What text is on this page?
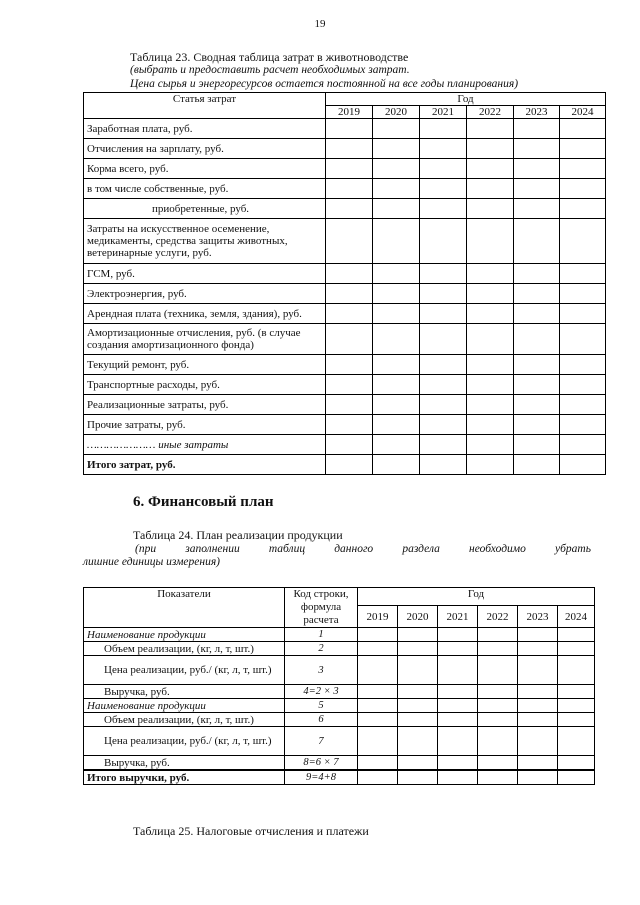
19
Таблица 23. Сводная таблица затрат в животноводстве
(выбрать и предоставить расчет необходимых затрат.
Цена сырья и энергоресурсов остается постоянной на все годы планирования)
Статья затрат	Год					
	2019	2020	2021	2022	2023	2024
Заработная плата, руб.						
Отчисления на зарплату, руб.						
Корма всего, руб.						
в том числе собственные, руб.						
приобретенные, руб.						
Затраты на искусственное осеменение, медикаменты, средства защиты животных, ветеринарные услуги, руб.						
ГСМ, руб.						
Электроэнергия, руб.						
Арендная плата (техника, земля, здания), руб.						
Амортизационные отчисления, руб. (в случае создания амортизационного фонда)						
Текущий ремонт, руб.						
Транспортные расходы, руб.						
Реализационные затраты, руб.						
Прочие затраты, руб.						
………………… иные затраты						
Итого затрат, руб.						
6. Финансовый план
Таблица 24. План реализации продукции
(при	заполнении	таблиц	данного	раздела	необходимо	убрать
лишние единицы измерения)
Показатели	Код строки, формула расчета	Год					
		2019	2020	2021	2022	2023	2024
Наименование продукции	1						
Объем реализации, (кг, л, т, шт.)	2						
Цена реализации, руб./ (кг, л, т, шт.)	3						
Выручка, руб.	4=2 × 3						
Наименование продукции	5						
Объем реализации, (кг, л, т, шт.)	6						
Цена реализации, руб./ (кг, л, т, шт.)	7						
Выручка, руб.	8=6 × 7						
Итого выручки, руб.	9=4+8						
Таблица 25. Налоговые отчисления и платежи
